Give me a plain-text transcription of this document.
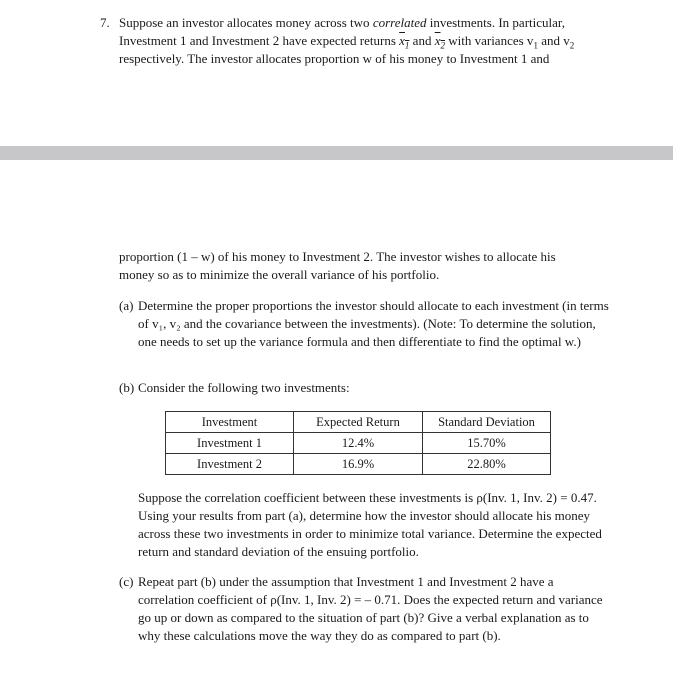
7. Suppose an investor allocates money across two correlated investments. In particular, Investment 1 and Investment 2 have expected returns $x_1$ and $x_2$ with variances $v_1$ and $v_2$ respectively. The investor allocates proportion w of his money to Investment 1 and
proportion (1 – w) of his money to Investment 2. The investor wishes to allocate his money so as to minimize the overall variance of his portfolio.
(a) Determine the proper proportions the investor should allocate to each investment (in terms of v₁, v₂ and the covariance between the investments). (Note: To determine the solution, one needs to set up the variance formula and then differentiate to find the optimal w.)
(b) Consider the following two investments:
Investment	Expected Return	Standard Deviation
Investment 1	12.4%	15.70%
Investment 2	16.9%	22.80%
Suppose the correlation coefficient between these investments is ρ(Inv. 1, Inv. 2) = 0.47. Using your results from part (a), determine how the investor should allocate his money across these two investments in order to minimize total variance. Determine the expected return and standard deviation of the ensuing portfolio.
(c) Repeat part (b) under the assumption that Investment 1 and Investment 2 have a correlation coefficient of ρ(Inv. 1, Inv. 2) = – 0.71. Does the expected return and variance go up or down as compared to the situation of part (b)? Give a verbal explanation as to why these calculations move the way they do as compared to part (b).
